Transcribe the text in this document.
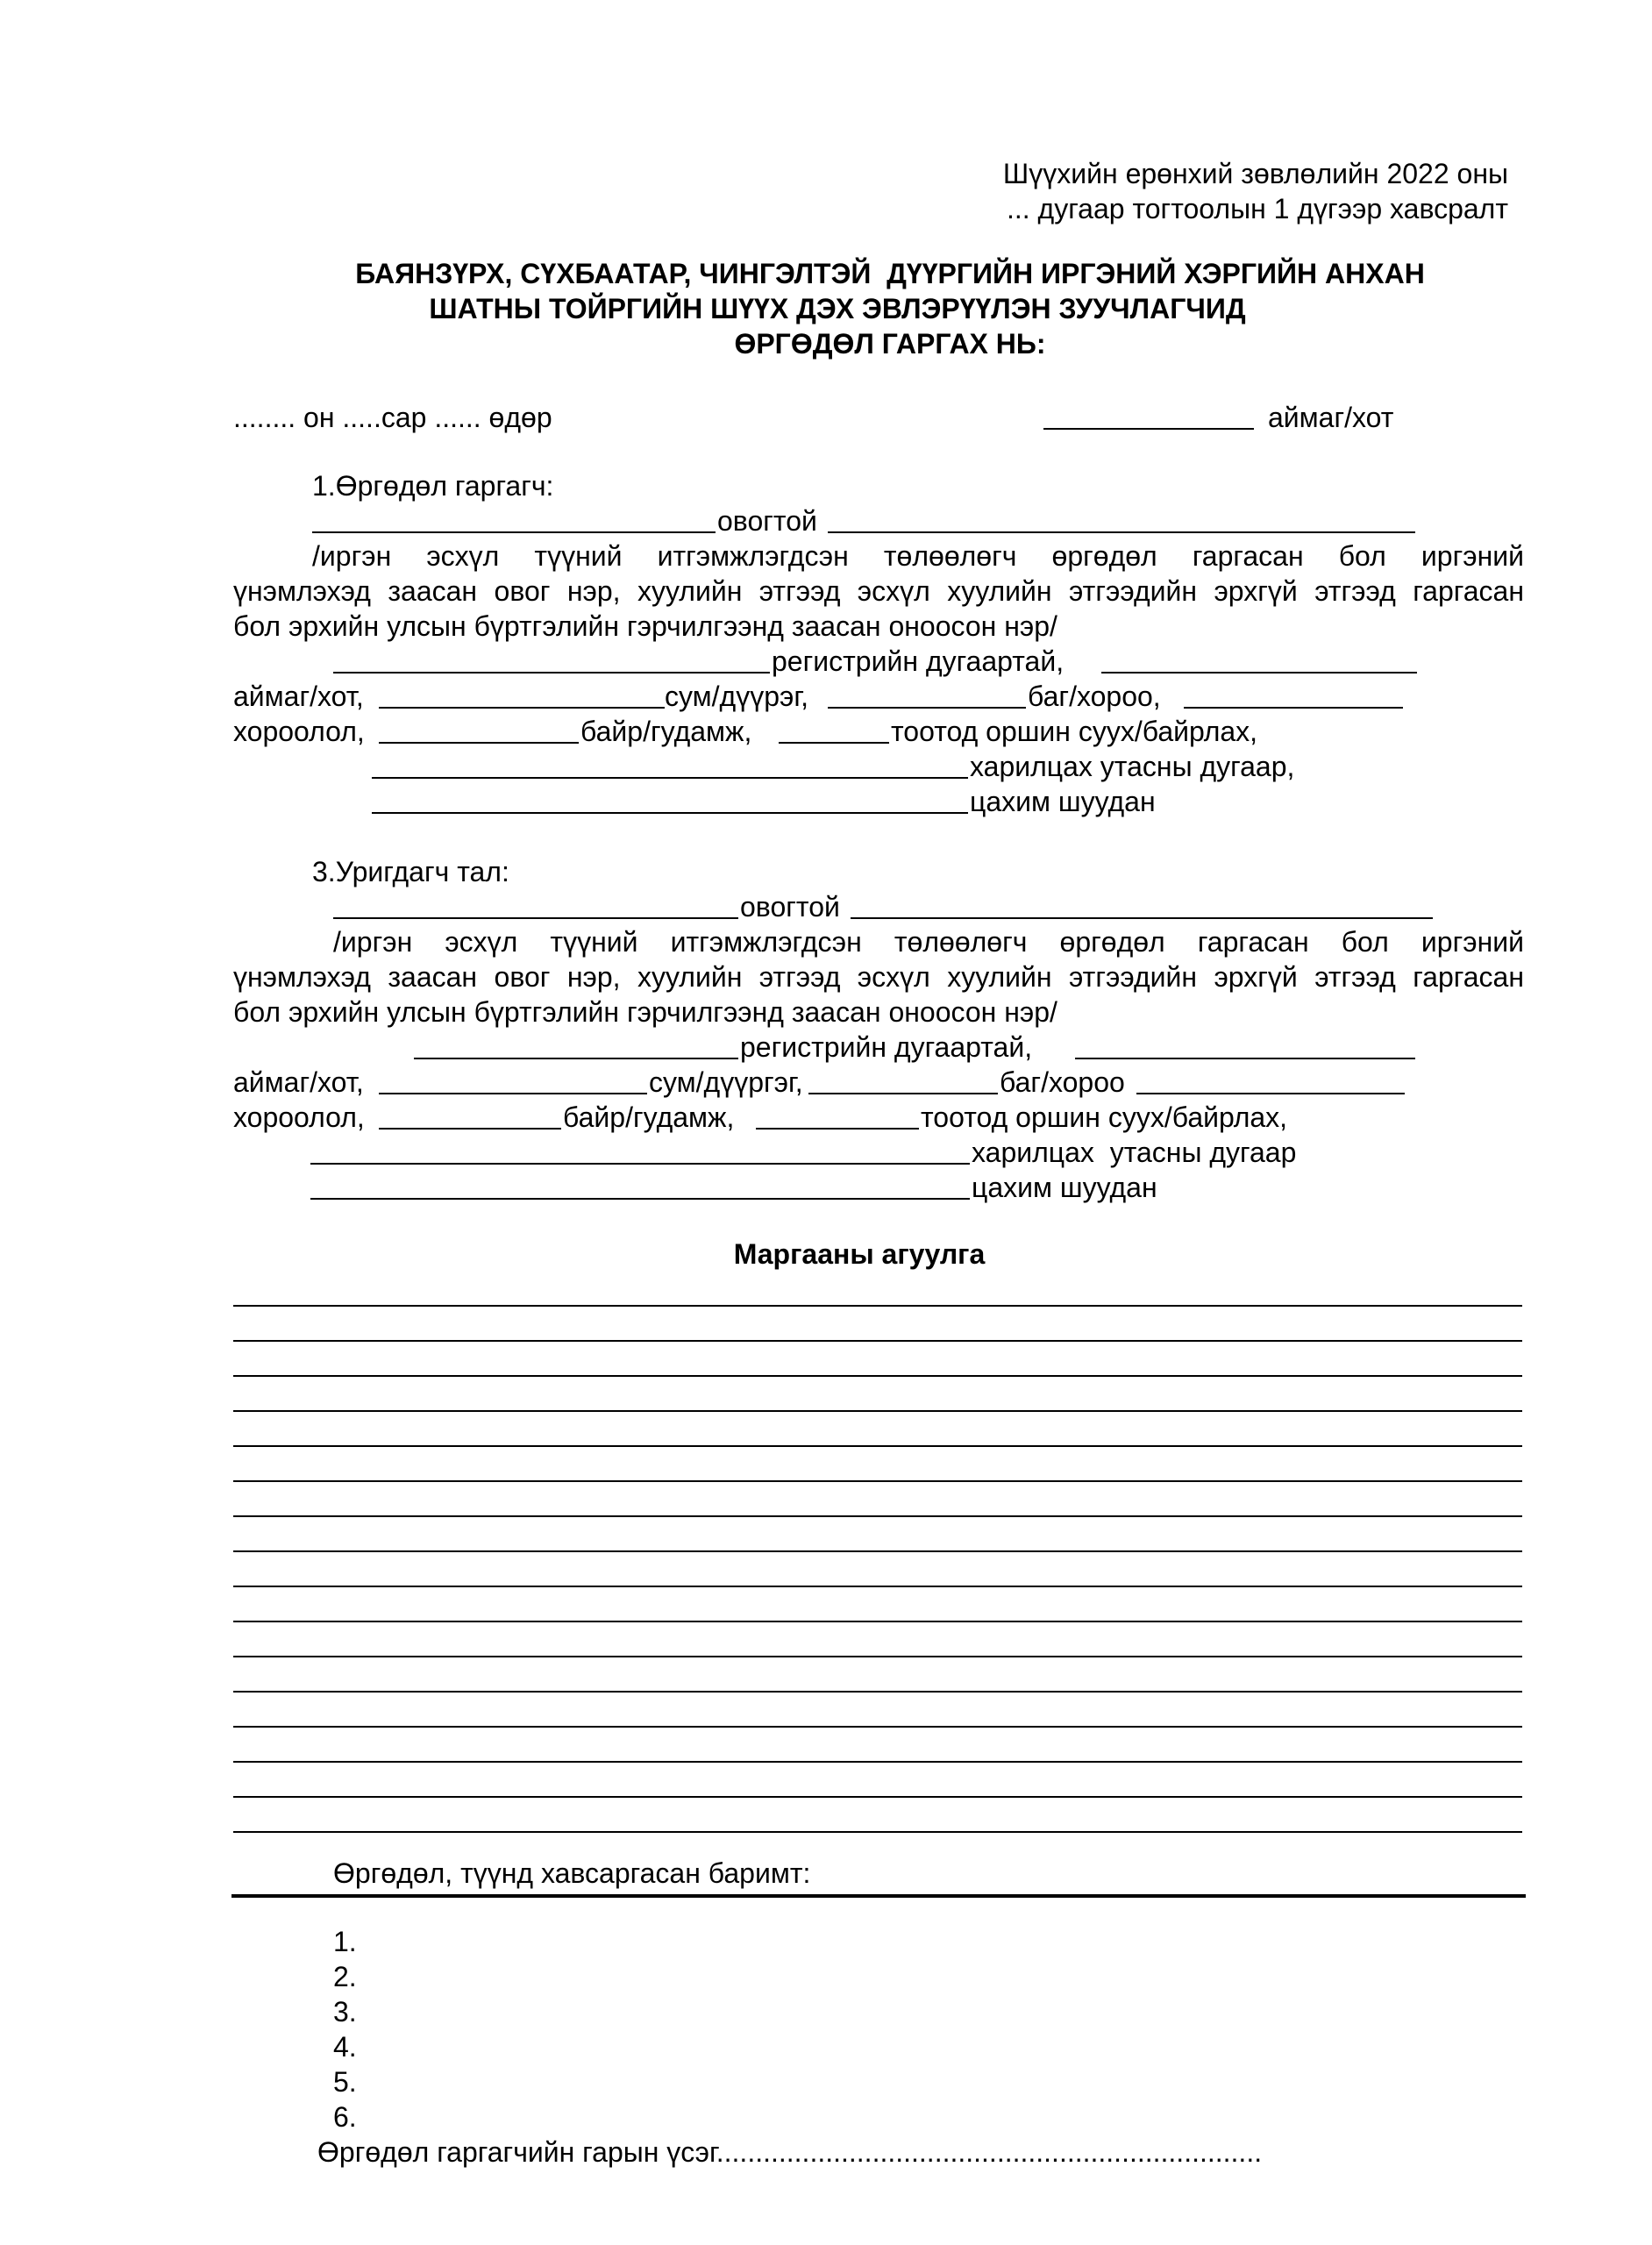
Шүүхийн ерөнхий зөвлөлийн 2022 оны
... дугаар тогтоолын 1 дүгээр хавсралт
БАЯНЗҮРХ, СҮХБААТАР, ЧИНГЭЛТЭЙ  ДҮҮРГИЙН ИРГЭНИЙ ХЭРГИЙН АНХАН
ШАТНЫ ТОЙРГИЙН ШҮҮХ ДЭХ ЭВЛЭРҮҮЛЭН ЗУУЧЛАГЧИД
ӨРГӨДӨЛ ГАРГАХ НЬ:
........ он .....сар ...... өдөр	аймаг/хот
1.Өргөдөл гаргагч:
овогтой
/иргэн эсхүл түүний итгэмжлэгдсэн төлөөлөгч өргөдөл гаргасан бол иргэний
үнэмлэхэд заасан овог нэр, хуулийн этгээд эсхүл хуулийн этгээдийн эрхгүй этгээд гаргасан
бол эрхийн улсын бүртгэлийн гэрчилгээнд заасан оноосон нэр/
регистрийн дугаартай,
аймаг/хот,	сум/дүүрэг,	баг/хороо,
хороолол,	байр/гудамж,	тоотод оршин суух/байрлах,
харилцах утасны дугаар,
цахим шуудан
3.Уригдагч тал:
овогтой
/иргэн эсхүл түүний итгэмжлэгдсэн төлөөлөгч өргөдөл гаргасан бол иргэний
үнэмлэхэд заасан овог нэр, хуулийн этгээд эсхүл хуулийн этгээдийн эрхгүй этгээд гаргасан
бол эрхийн улсын бүртгэлийн гэрчилгээнд заасан оноосон нэр/
регистрийн дугаартай,
аймаг/хот,	сум/дүүргэг,	баг/хороо
хороолол,	байр/гудамж,	тоотод оршин суух/байрлах,
харилцах  утасны дугаар
цахим шуудан
Маргааны агуулга
Өргөдөл, түүнд хавсаргасан баримт:
1.
2.
3.
4.
5.
6.
Өргөдөл гаргагчийн гарын үсэг......................................................................
